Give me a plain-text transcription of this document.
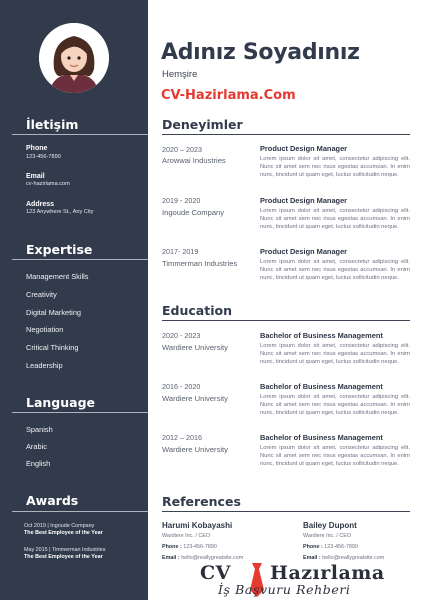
İletişim
Phone
123-456-7890
Email
cv-hazirlama.com
Address
123 Anywhere St., Any City
Expertise
Management Skills
Creativity
Digital Marketing
Negotiation
Critical Thinking
Leadership
Language
Spanish
Arabic
English
Awards
Oct 2019 | Ingoude Company
The Best Employee of the Year
May 2015 | Timmerman Industries
The Best Employee of the Year
Adınız Soyadınız
Hemşire
CV-Hazirlama.Com
Deneyimler
2020 – 2023
Arowwai Industries
Product Design Manager
Lorem ipsum dolor sit amet, consectetur adipiscing elit. Nunc sit amet sem nec risus egestas accumsan. In enim nunc, tincidunt ut quam eget, luctus sollicitudin neque.
2019 - 2020
Ingoude Company
Product Design Manager
Lorem ipsum dolor sit amet, consectetur adipiscing elit. Nunc sit amet sem nec risus egestas accumsan. In enim nunc, tincidunt ut quam eget, luctus sollicitudin neque.
2017- 2019
Timmerman Industries
Product Design Manager
Lorem ipsum dolor sit amet, consectetur adipiscing elit. Nunc sit amet sem nec risus egestas accumsan. In enim nunc, tincidunt ut quam eget, luctus sollicitudin neque.
Education
2020 - 2023
Wardiere University
Bachelor of Business Management
Lorem ipsum dolor sit amet, consectetur adipiscing elit. Nunc sit amet sem nec risus egestas accumsan. In enim nunc, tincidunt ut quam eget, luctus sollicitudin neque.
2016 - 2020
Wardiere University
Bachelor of Business Management
Lorem ipsum dolor sit amet, consectetur adipiscing elit. Nunc sit amet sem nec risus egestas accumsan. In enim nunc, tincidunt ut quam eget, luctus sollicitudin neque.
2012 – 2016
Wardiere University
Bachelor of Business Management
Lorem ipsum dolor sit amet, consectetur adipiscing elit. Nunc sit amet sem nec risus egestas accumsan. In enim nunc, tincidunt ut quam eget, luctus sollicitudin neque.
References
Harumi Kobayashi
Wardiere Inc. / CEO
Phone : 123-456-7890
Email : hello@reallygreatsite.com
Bailey Dupont
Wardiere Inc. / CEO
Phone : 123-456-7890
Email : hello@reallygreatsite.com
CV Hazırlama
İş Başvuru Rehberi
